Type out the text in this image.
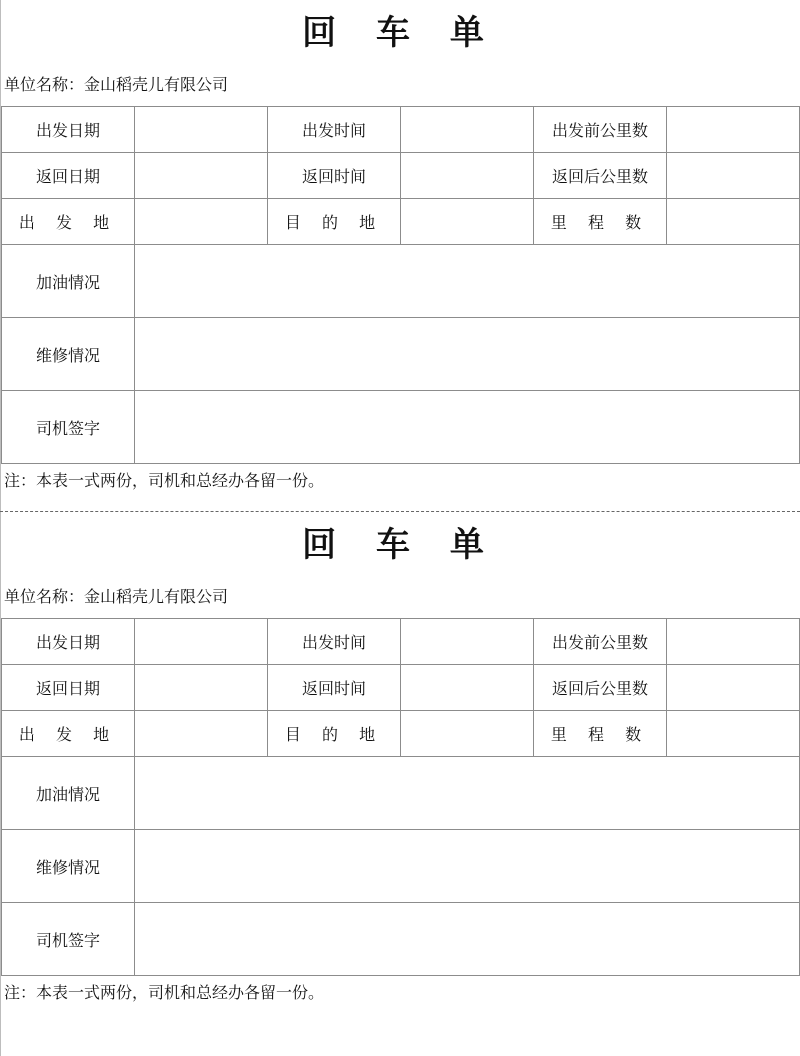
回 车 单
单位名称：金山稻壳儿有限公司
出发日期		出发时间		出发前公里数	
返回日期		返回时间		返回后公里数	
出 发 地		目 的 地		里 程 数	
加油情况					
维修情况					
司机签字					
注：本表一式两份，司机和总经办各留一份。
回 车 单
单位名称：金山稻壳儿有限公司
出发日期		出发时间		出发前公里数	
返回日期		返回时间		返回后公里数	
出 发 地		目 的 地		里 程 数	
加油情况					
维修情况					
司机签字					
注：本表一式两份，司机和总经办各留一份。
